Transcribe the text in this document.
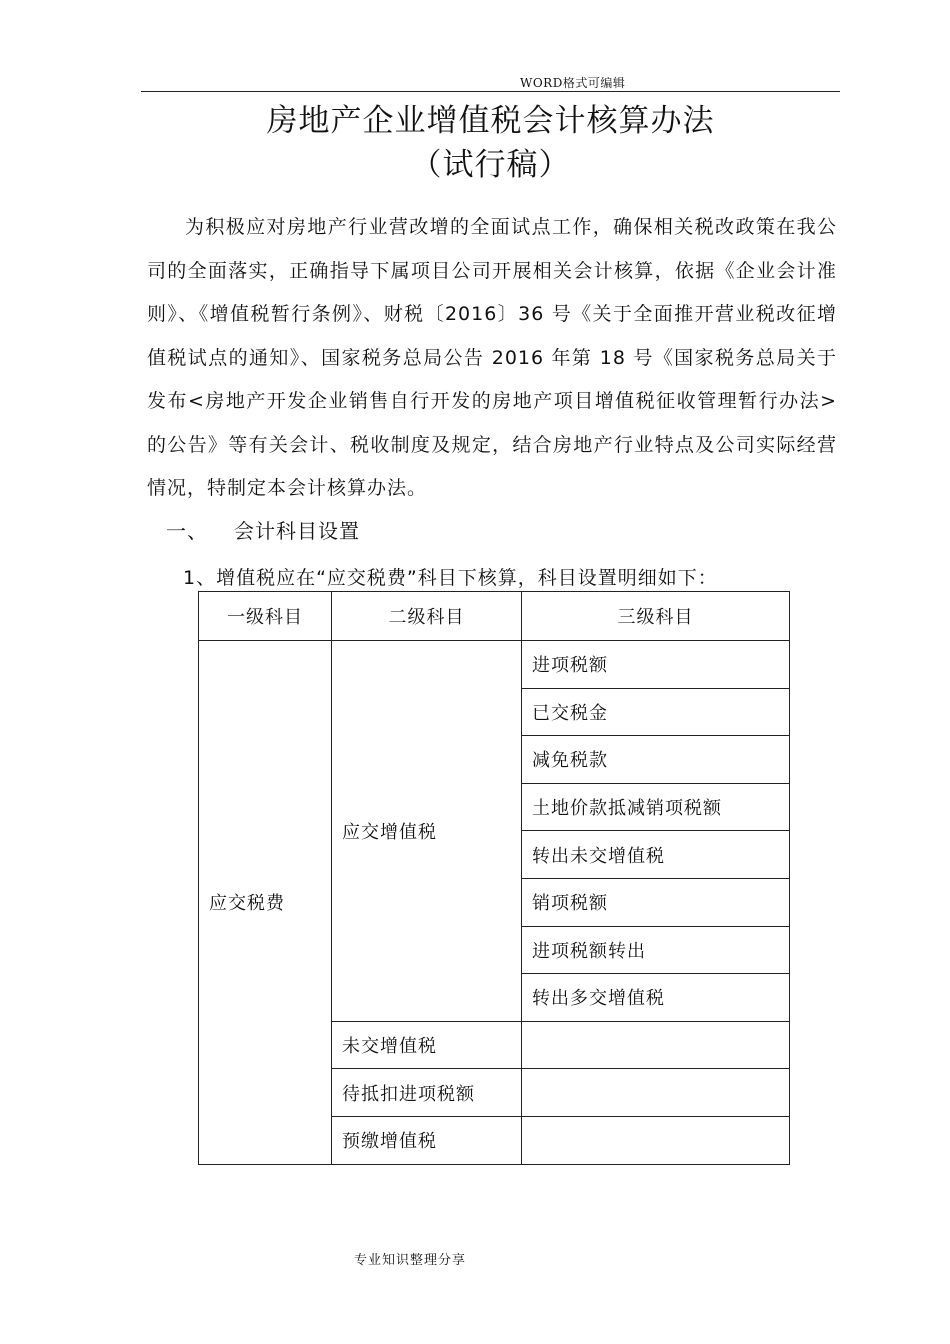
WORD格式可编辑
房地产企业增值税会计核算办法
（试行稿）
为积极应对房地产行业营改增的全面试点工作，确保相关税改政策在我公司的全面落实，正确指导下属项目公司开展相关会计核算，依据《企业会计准则》、《增值税暂行条例》、财税〔2016〕36 号《关于全面推开营业税改征增值税试点的通知》、国家税务总局公告 2016 年第 18 号《国家税务总局关于发布<房地产开发企业销售自行开发的房地产项目增值税征收管理暂行办法>的公告》等有关会计、税收制度及规定，结合房地产行业特点及公司实际经营情况，特制定本会计核算办法。
一、 会计科目设置
1、增值税应在“应交税费”科目下核算，科目设置明细如下：
一级科目	二级科目	三级科目
应交税费	应交增值税	进项税额
		已交税金
		减免税款
		土地价款抵减销项税额
		转出未交增值税
		销项税额
		进项税额转出
		转出多交增值税
	未交增值税	
	待抵扣进项税额	
	预缴增值税	
专业知识整理分享
